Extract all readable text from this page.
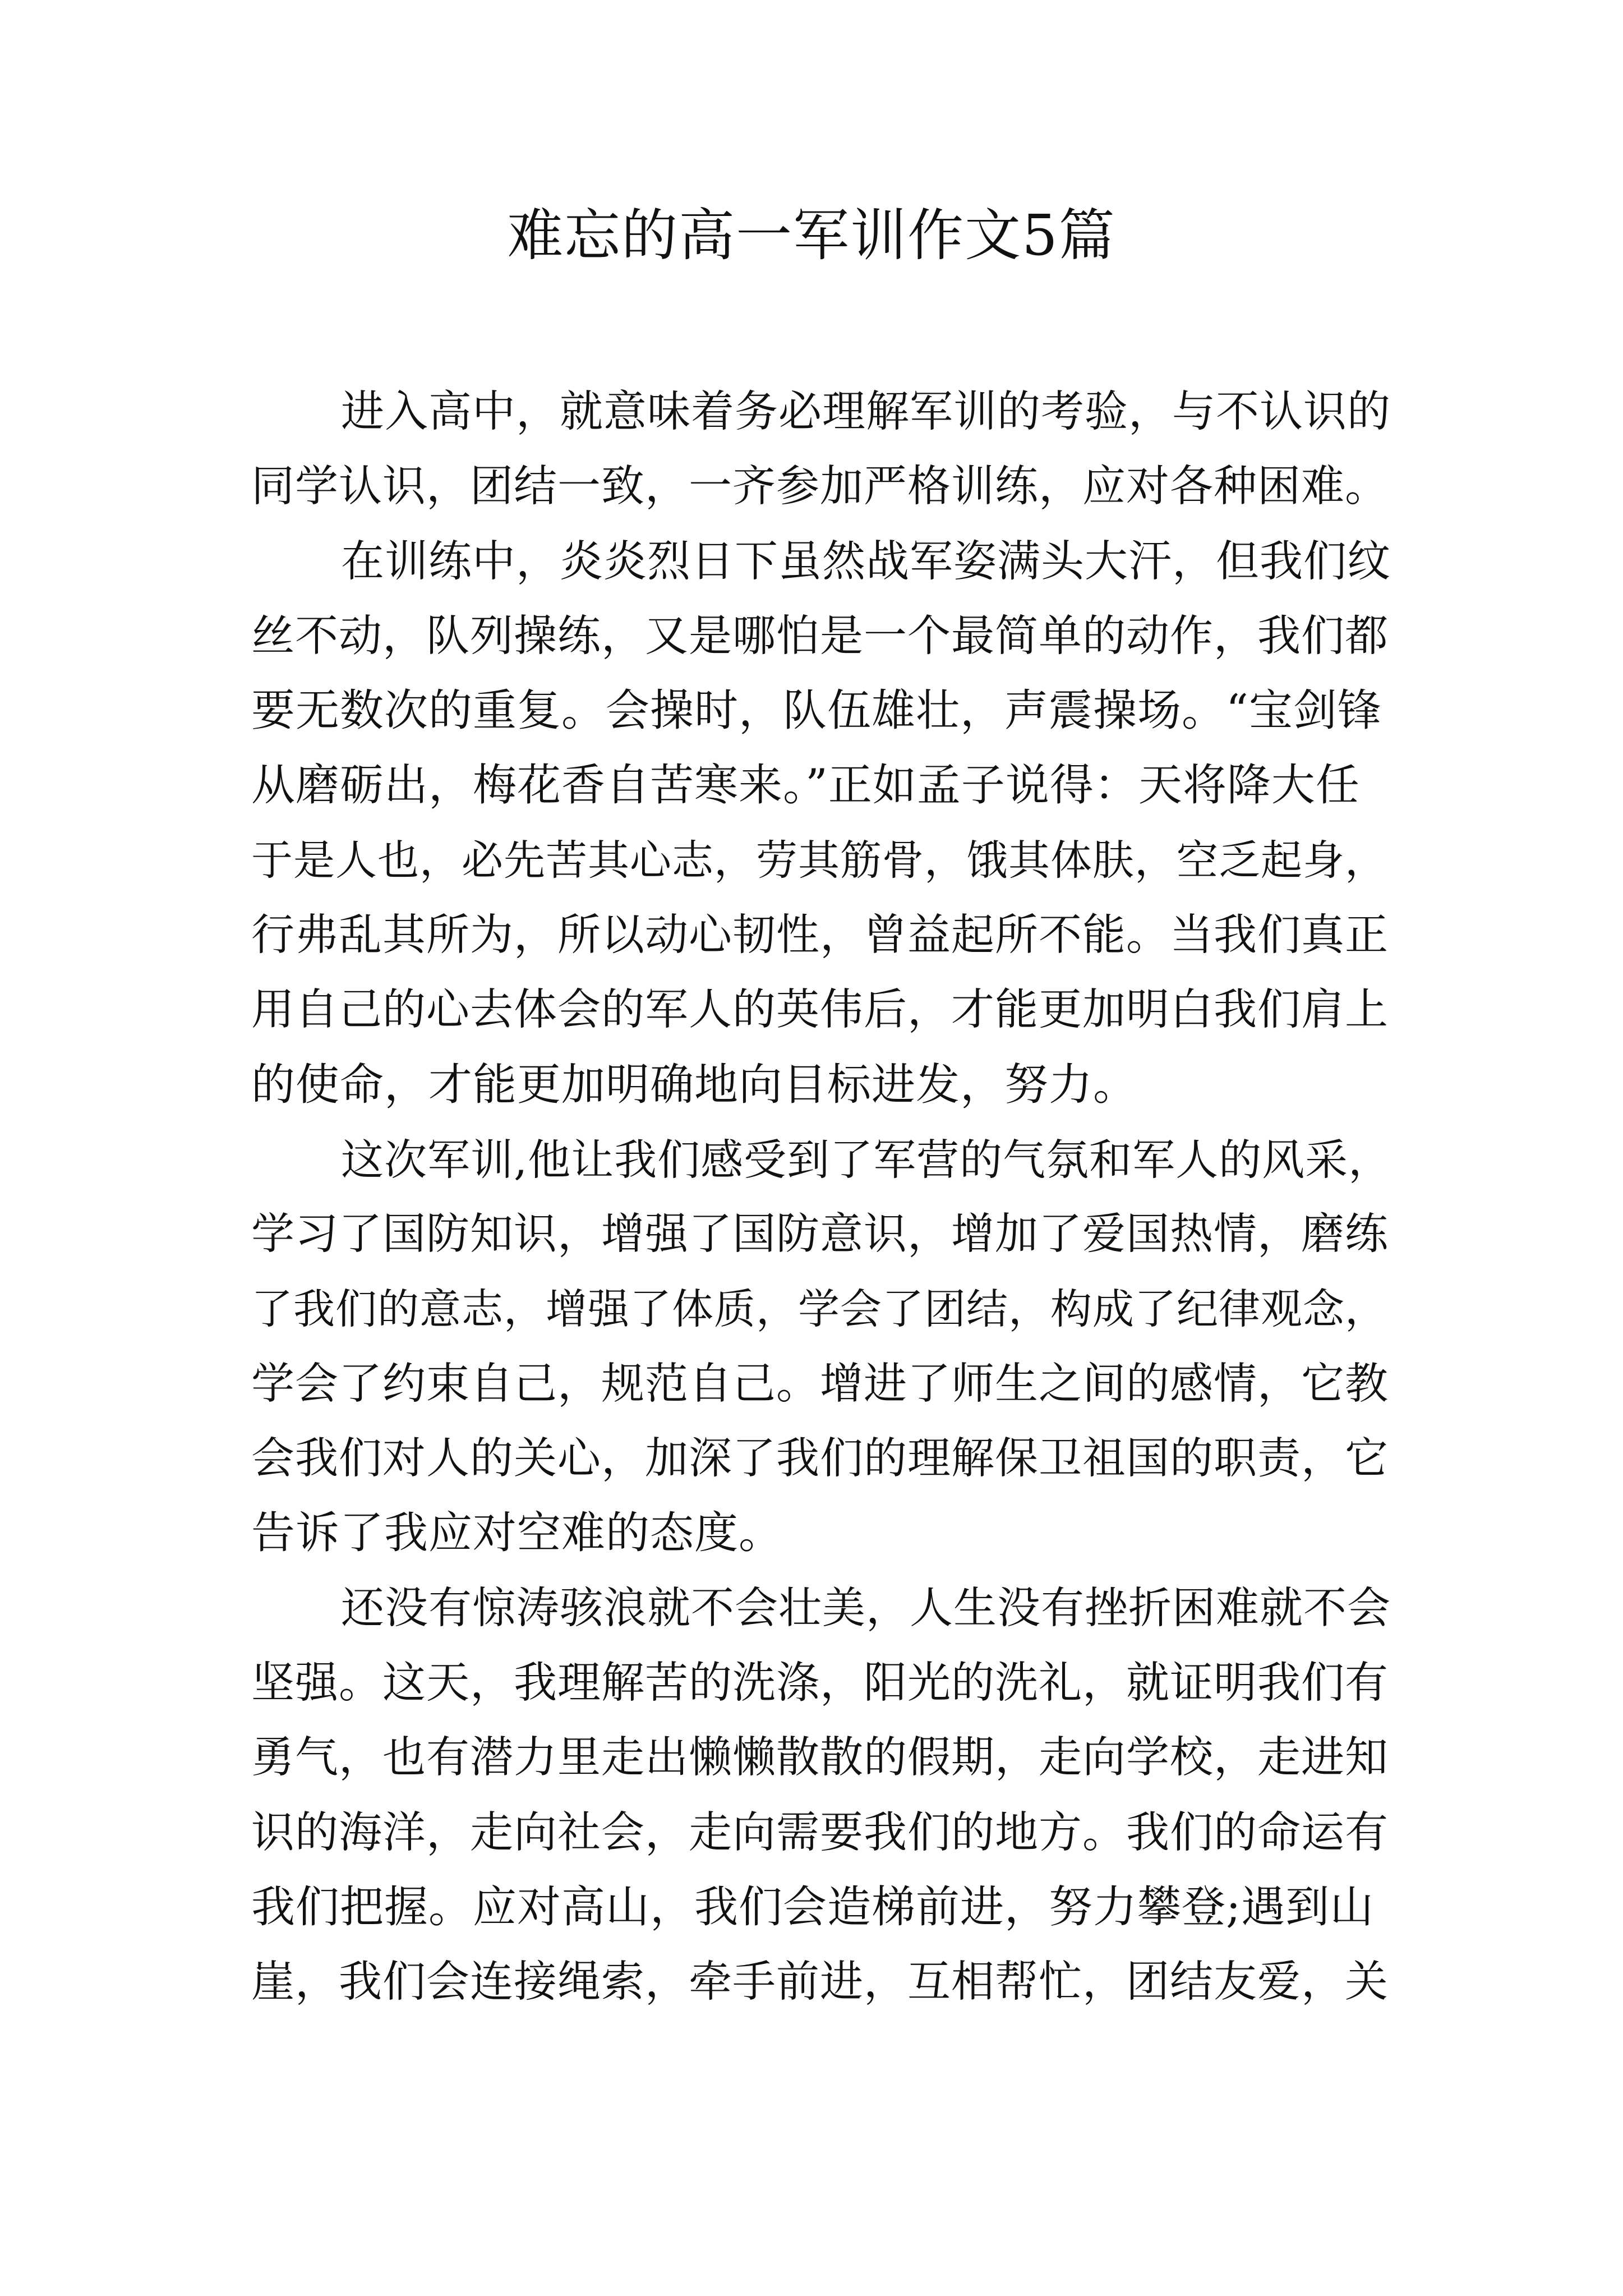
难忘的高一军训作文5篇
进入高中，就意味着务必理解军训的考验，与不认识的
同学认识，团结一致，一齐参加严格训练，应对各种困难。
在训练中，炎炎烈日下虽然战军姿满头大汗，但我们纹
丝不动，队列操练，又是哪怕是一个最简单的动作，我们都
要无数次的重复。会操时，队伍雄壮，声震操场。“宝剑锋
从磨砺出，梅花香自苦寒来。”正如孟子说得：天将降大任
于是人也，必先苦其心志，劳其筋骨，饿其体肤，空乏起身，
行弗乱其所为，所以动心韧性，曾益起所不能。当我们真正
用自己的心去体会的军人的英伟后，才能更加明白我们肩上
的使命，才能更加明确地向目标进发，努力。
这次军训,他让我们感受到了军营的气氛和军人的风采，
学习了国防知识，增强了国防意识，增加了爱国热情，磨练
了我们的意志，增强了体质，学会了团结，构成了纪律观念，
学会了约束自己，规范自己。增进了师生之间的感情，它教
会我们对人的关心，加深了我们的理解保卫祖国的职责，它
告诉了我应对空难的态度。
还没有惊涛骇浪就不会壮美，人生没有挫折困难就不会
坚强。这天，我理解苦的洗涤，阳光的洗礼，就证明我们有
勇气，也有潜力里走出懒懒散散的假期，走向学校，走进知
识的海洋，走向社会，走向需要我们的地方。我们的命运有
我们把握。应对高山，我们会造梯前进，努力攀登;遇到山
崖，我们会连接绳索，牵手前进，互相帮忙，团结友爱，关
